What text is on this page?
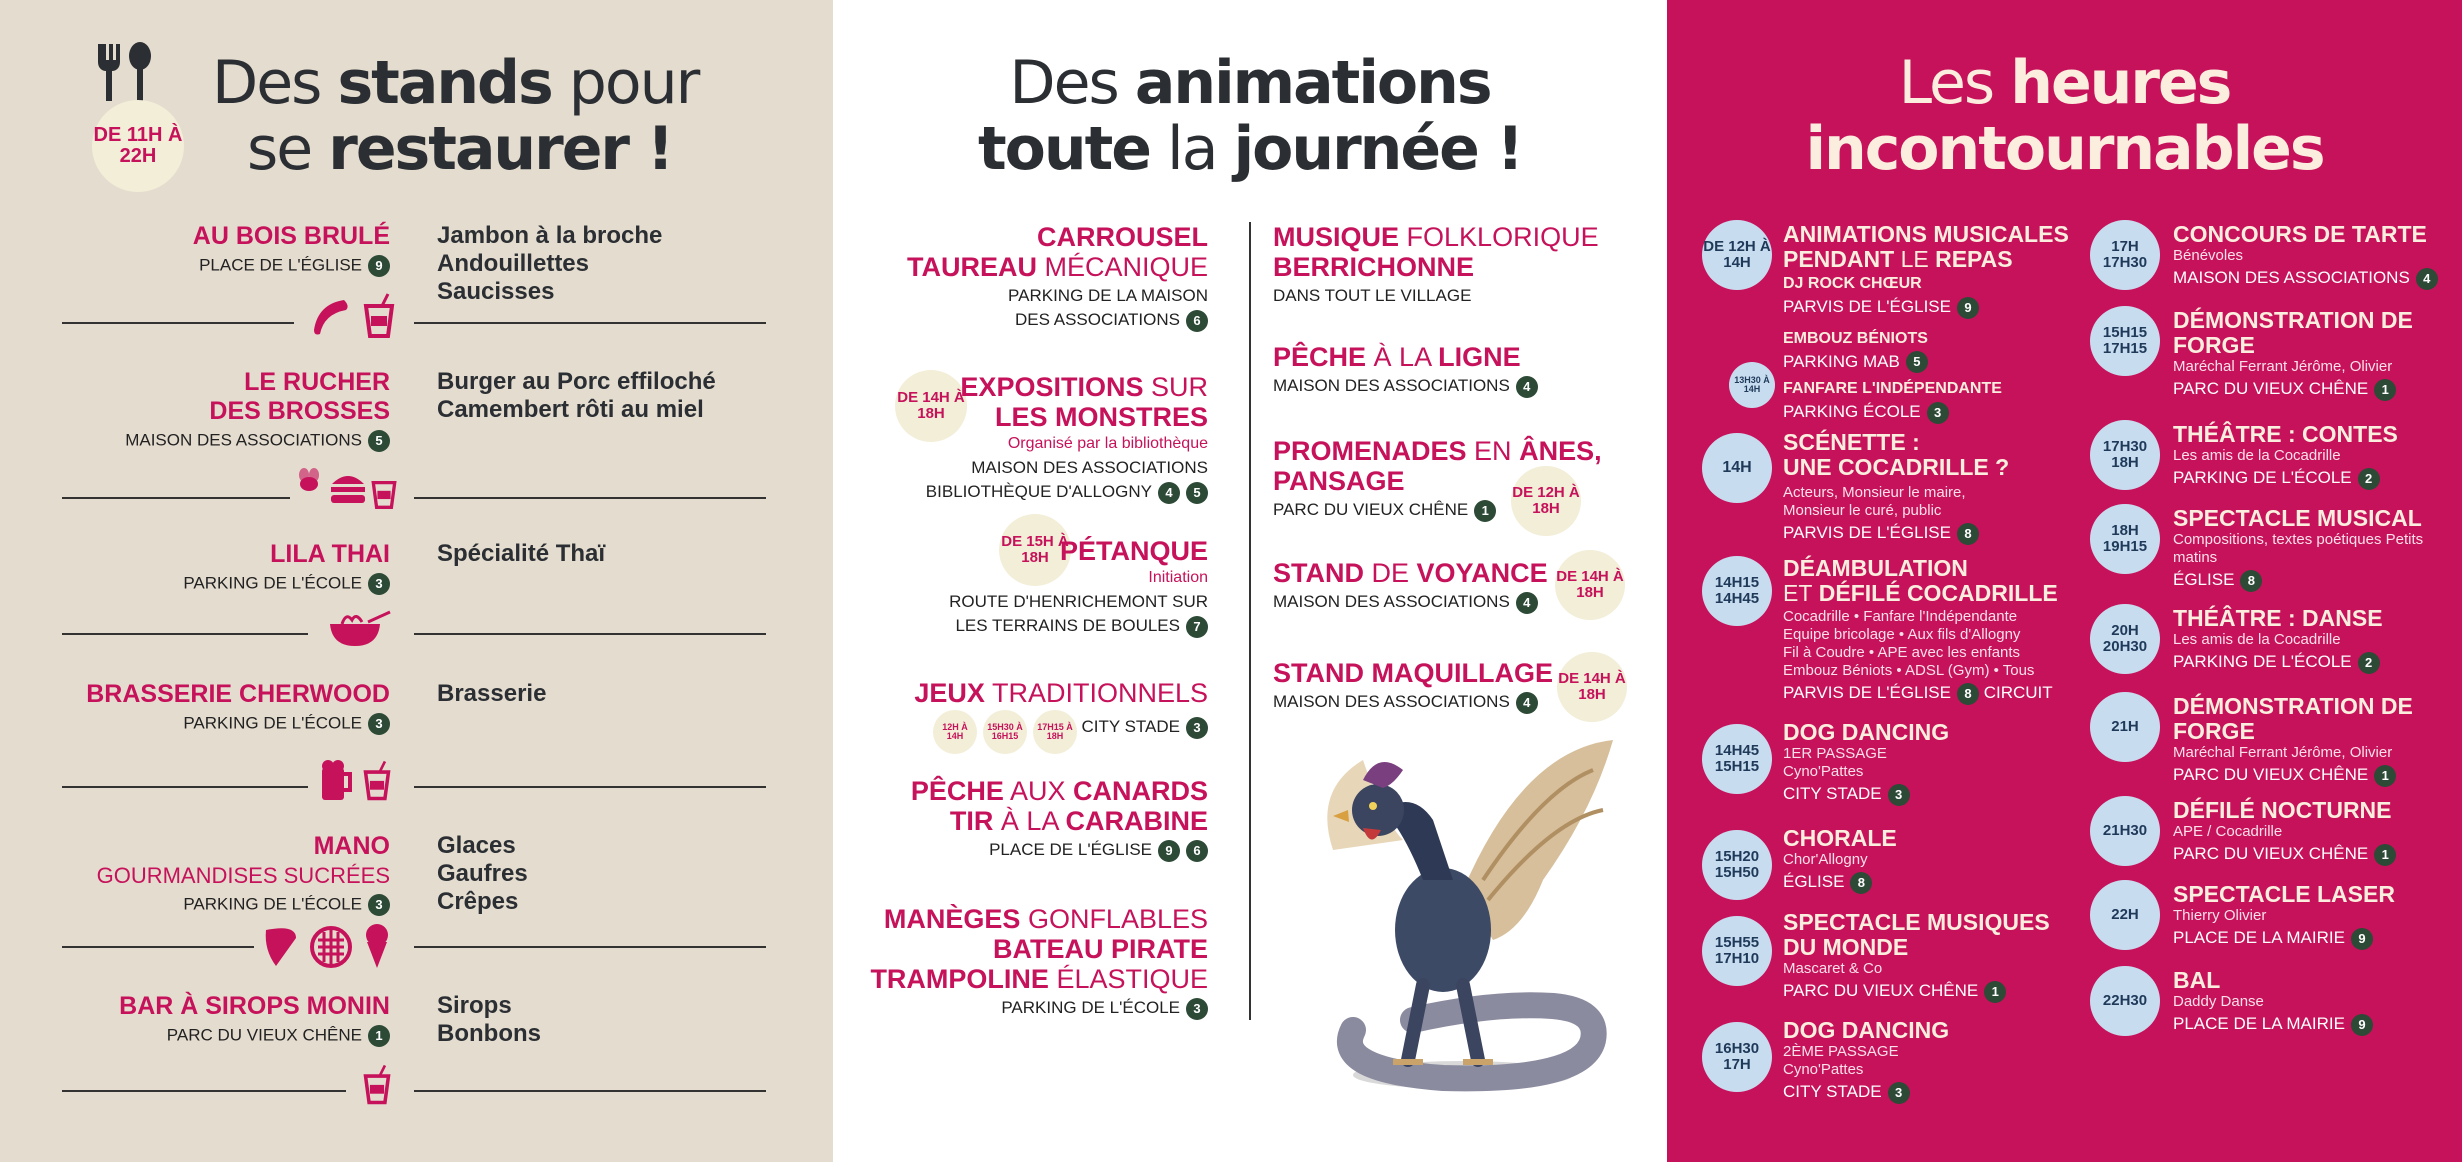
DE 11H À 22H
Des stands pour
se restaurer !
AU BOIS BRULÉ
PLACE DE L'ÉGLISE 9
Jambon à la broche
Andouillettes
Saucisses
LE RUCHER
DES BROSSES
MAISON DES ASSOCIATIONS 5
Burger au Porc effiloché
Camembert rôti au miel
LILA THAI
PARKING DE L'ÉCOLE 3
Spécialité Thaï
BRASSERIE CHERWOOD
PARKING DE L'ÉCOLE 3
Brasserie
MANO
GOURMANDISES SUCRÉES
PARKING DE L'ÉCOLE 3
Glaces
Gaufres
Crêpes
BAR À SIROPS MONIN
PARC DU VIEUX CHÊNE 1
Sirops
Bonbons
Des animations
toute la journée !
CARROUSEL
TAUREAU MÉCANIQUE
PARKING DE LA MAISON
DES ASSOCIATIONS 6
DE 14H À 18H
EXPOSITIONS SUR
LES MONSTRES
Organisé par la bibliothèque
MAISON DES ASSOCIATIONS
BIBLIOTHÈQUE D'ALLOGNY 4 5
DE 15H À 18H PÉTANQUE
Initiation
ROUTE D'HENRICHEMONT SUR
LES TERRAINS DE BOULES 7
JEUX TRADITIONNELS
CITY STADE 3
12H À 14H
15H30 À 16H15
17H15 À 18H
PÊCHE AUX CANARDS
TIR À LA CARABINE
PLACE DE L'ÉGLISE 9 6
MANÈGES GONFLABLES
BATEAU PIRATE
TRAMPOLINE ÉLASTIQUE
PARKING DE L'ÉCOLE 3
MUSIQUE FOLKLORIQUE
BERRICHONNE
DANS TOUT LE VILLAGE
PÊCHE À LA LIGNE
MAISON DES ASSOCIATIONS 4
PROMENADES EN ÂNES,
PANSAGE
PARC DU VIEUX CHÊNE 1
DE 12H À 18H
STAND DE VOYANCE
MAISON DES ASSOCIATIONS 4
DE 14H À 18H
STAND MAQUILLAGE
MAISON DES ASSOCIATIONS 4
DE 14H À 18H
Les heures
incontournables
DE 12H À 14H
ANIMATIONS MUSICALES
PENDANT LE REPAS
DJ ROCK CHŒUR
PARVIS DE L'ÉGLISE 9
EMBOUZ BÉNIOTS
PARKING MAB 5
FANFARE L'INDÉPENDANTE
PARKING ÉCOLE 3
13H30 À 14H
14H
SCÉNETTE :
UNE COCADRILLE ?
Acteurs, Monsieur le maire,
Monsieur le curé, public
PARVIS DE L'ÉGLISE 8
14H15 14H45
DÉAMBULATION
ET DÉFILÉ COCADRILLE
Cocadrille • Fanfare l'Indépendante
Equipe bricolage • Aux fils d'Allogny
Fil à Coudre • APE avec les enfants
Embouz Béniots • ADSL (Gym) • Tous
PARVIS DE L'ÉGLISE 8 CIRCUIT
14H45 15H15
DOG DANCING
1ER PASSAGE
Cyno'Pattes
CITY STADE 3
15H20 15H50
CHORALE
Chor'Allogny
ÉGLISE 8
15H55 17H10
SPECTACLE MUSIQUES
DU MONDE
Mascaret & Co
PARC DU VIEUX CHÊNE 1
16H30 17H
DOG DANCING
2ÈME PASSAGE
Cyno'Pattes
CITY STADE 3
17H 17H30
CONCOURS DE TARTE
Bénévoles
MAISON DES ASSOCIATIONS 4
15H15 17H15
DÉMONSTRATION DE FORGE
Maréchal Ferrant Jérôme, Olivier
PARC DU VIEUX CHÊNE 1
17H30 18H
THÉÂTRE : CONTES
Les amis de la Cocadrille
PARKING DE L'ÉCOLE 2
18H 19H15
SPECTACLE MUSICAL
Compositions, textes poétiques Petits matins
ÉGLISE 8
20H 20H30
THÉÂTRE : DANSE
Les amis de la Cocadrille
PARKING DE L'ÉCOLE 2
21H
DÉMONSTRATION DE FORGE
Maréchal Ferrant Jérôme, Olivier
PARC DU VIEUX CHÊNE 1
21H30
DÉFILÉ NOCTURNE
APE / Cocadrille
PARC DU VIEUX CHÊNE 1
22H
SPECTACLE LASER
Thierry Olivier
PLACE DE LA MAIRIE 9
22H30
BAL
Daddy Danse
PLACE DE LA MAIRIE 9
